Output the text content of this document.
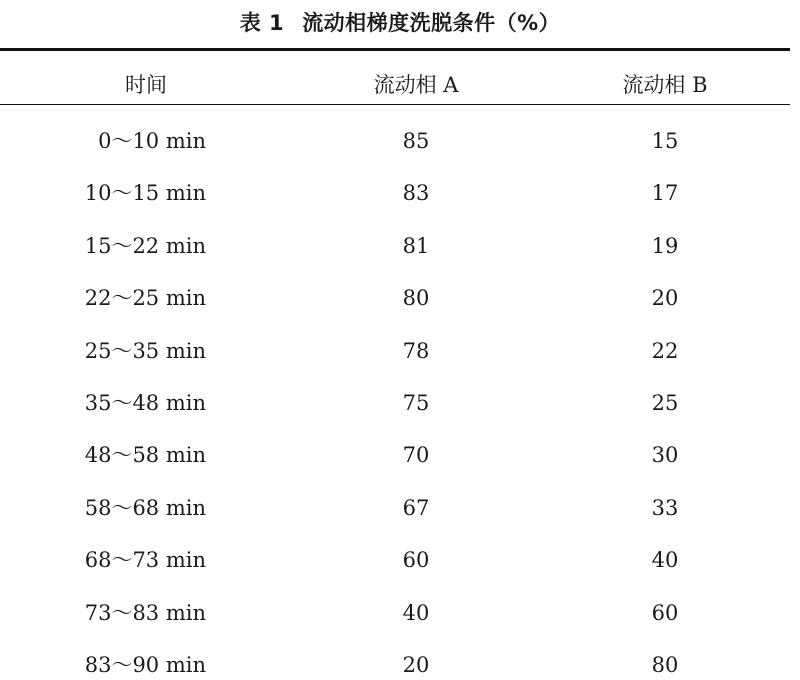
表 1 流动相梯度洗脱条件（%）
时间	流动相 A	流动相 B
0～10 min	85	15
10～15 min	83	17
15～22 min	81	19
22～25 min	80	20
25～35 min	78	22
35～48 min	75	25
48～58 min	70	30
58～68 min	67	33
68～73 min	60	40
73～83 min	40	60
83～90 min	20	80
